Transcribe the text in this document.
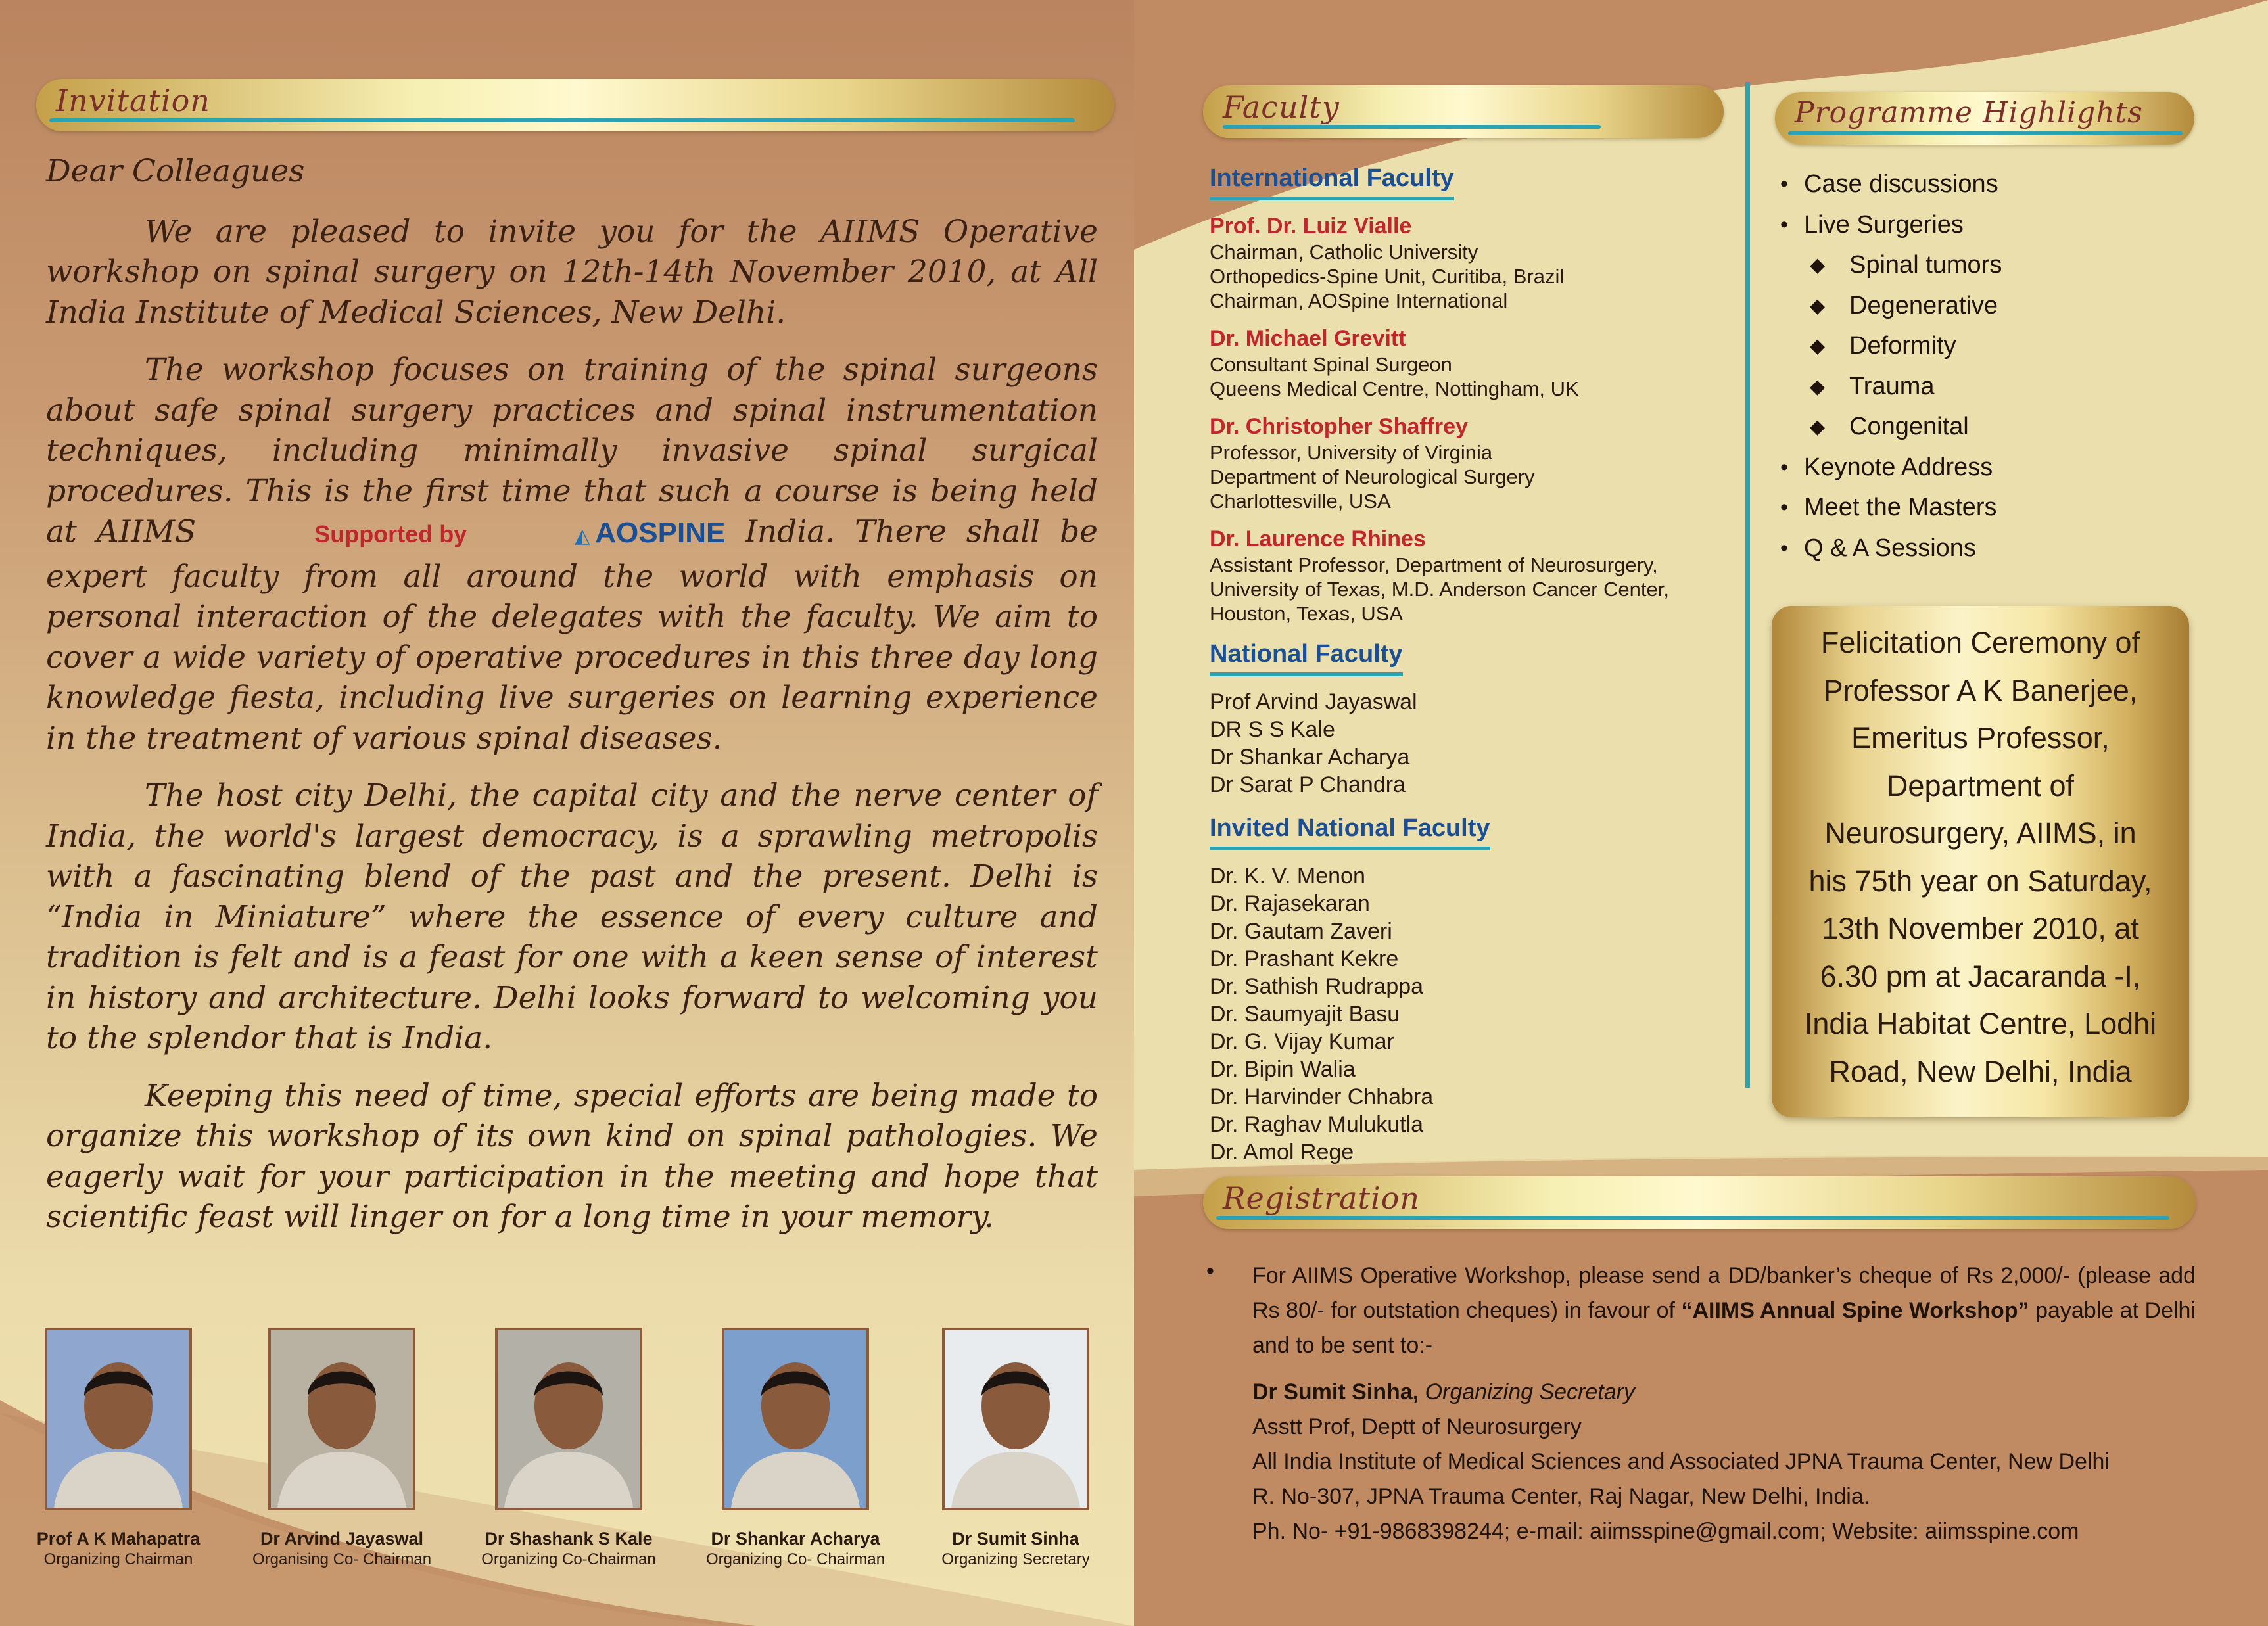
Invitation

Dear Colleagues

We are pleased to invite you for the AIIMS Operative workshop on spinal surgery on 12th-14th November 2010, at All India Institute of Medical Sciences, New Delhi.

The workshop focuses on training of the spinal surgeons about safe spinal surgery practices and spinal instrumentation techniques, including minimally invasive spinal surgical procedures. This is the first time that such a course is being held at AIIMS	Supported by	◭ AOSPINE India. There shall be expert faculty from all around the world with emphasis on personal interaction of the delegates with the faculty. We aim to cover a wide variety of operative procedures in this three day long knowledge fiesta, including live surgeries on learning experience in the treatment of various spinal diseases.

The host city Delhi, the capital city and the nerve center of India, the world's largest democracy, is a sprawling metropolis with a fascinating blend of the past and the present. Delhi is “India in Miniature” where the essence of every culture and tradition is felt and is a feast for one with a keen sense of interest in history and architecture. Delhi looks forward to welcoming you to the splendor that is India.

Keeping this need of time, special efforts are being made to organize this workshop of its own kind on spinal pathologies. We eagerly wait for your participation in the meeting and hope that scientific feast will linger on for a long time in your memory.

Prof A K Mahapatra
Organizing Chairman
Dr Arvind Jayaswal
Organising Co- Chairman
Dr Shashank S Kale
Organizing Co-Chairman
Dr Shankar Acharya
Organizing Co- Chairman
Dr Sumit Sinha
Organizing Secretary
Faculty	Programme Highlights
International Faculty
Prof. Dr. Luiz Vialle
Chairman, Catholic University
Orthopedics-Spine Unit, Curitiba, Brazil
Chairman, AOSpine International
Dr. Michael Grevitt
Consultant Spinal Surgeon
Queens Medical Centre, Nottingham, UK
Dr. Christopher Shaffrey
Professor, University of Virginia
Department of Neurological Surgery
Charlottesville, USA
Dr. Laurence Rhines
Assistant Professor, Department of Neurosurgery,
University of Texas, M.D. Anderson Cancer Center,
Houston, Texas, USA
National Faculty
Prof Arvind Jayaswal
DR S S Kale
Dr Shankar Acharya
Dr Sarat P Chandra
Invited National Faculty
Dr. K. V. Menon
Dr. Rajasekaran
Dr. Gautam Zaveri
Dr. Prashant Kekre
Dr. Sathish Rudrappa
Dr. Saumyajit Basu
Dr. G. Vijay Kumar
Dr. Bipin Walia
Dr. Harvinder Chhabra
Dr. Raghav Mulukutla
Dr. Amol Rege
• Case discussions
• Live Surgeries
◆ Spinal tumors
◆ Degenerative
◆ Deformity
◆ Trauma
◆ Congenital
• Keynote Address
• Meet the Masters
• Q & A Sessions
Felicitation Ceremony of
Professor A K Banerjee,
Emeritus Professor,
Department of
Neurosurgery, AIIMS, in
his 75th year on Saturday,
13th November 2010, at
6.30 pm at Jacaranda -I,
India Habitat Centre, Lodhi
Road, New Delhi, India
Registration
• For AIIMS Operative Workshop, please send a DD/banker’s cheque of Rs 2,000/- (please add Rs 80/- for outstation cheques) in favour of “AIIMS Annual Spine Workshop” payable at Delhi and to be sent to:-
Dr Sumit Sinha, Organizing Secretary
Asstt Prof, Deptt of Neurosurgery
All India Institute of Medical Sciences and Associated JPNA Trauma Center, New Delhi
R. No-307, JPNA Trauma Center, Raj Nagar, New Delhi, India.
Ph. No- +91-9868398244; e-mail: aiimsspine@gmail.com; Website: aiimsspine.com
